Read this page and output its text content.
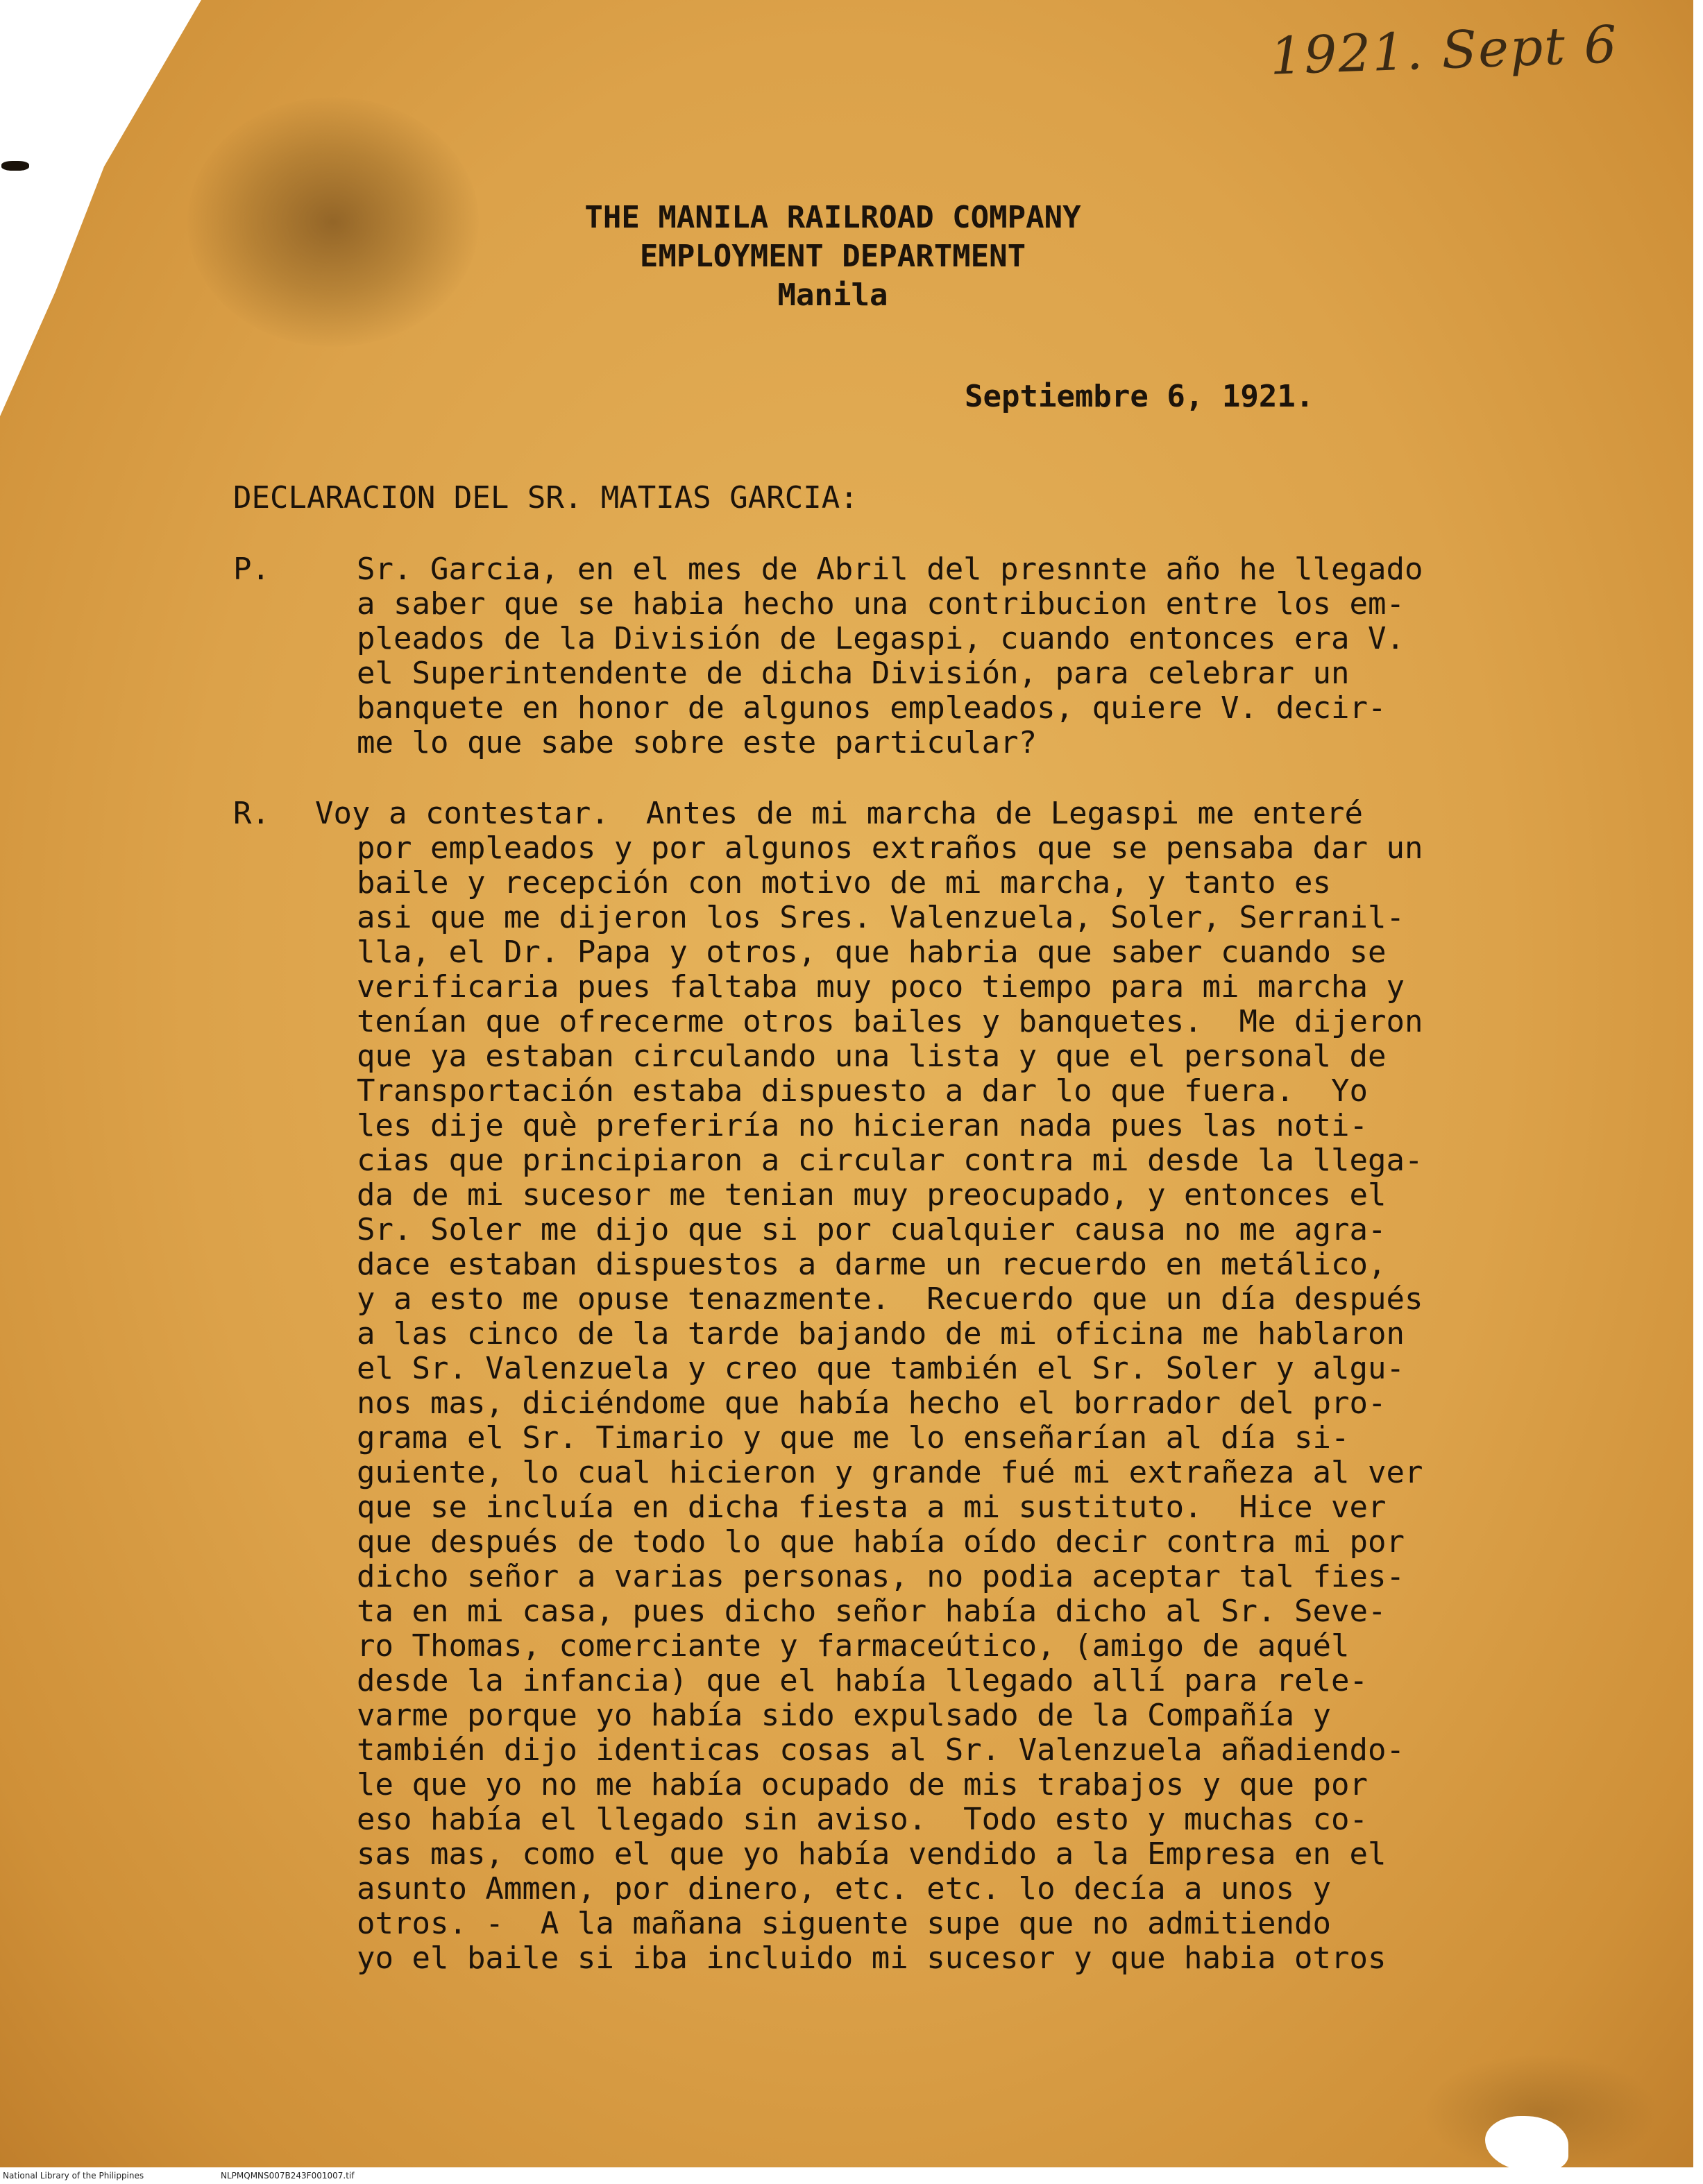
1921. Sept 6
THE MANILA RAILROAD COMPANY
EMPLOYMENT DEPARTMENT
Manila
Septiembre 6, 1921.
DECLARACION DEL SR. MATIAS GARCIA:
P.	Sr. Garcia, en el mes de Abril del presnnte año he llegado
a saber que se habia hecho una contribucion entre los em-
pleados de la División de Legaspi, cuando entonces era V.
el Superintendente de dicha División, para celebrar un
banquete en honor de algunos empleados, quiere V. decir-
me lo que sabe sobre este particular?
R. Voy a contestar.  Antes de mi marcha de Legaspi me enteré
por empleados y por algunos extraños que se pensaba dar un
baile y recepción con motivo de mi marcha, y tanto es
asi que me dijeron los Sres. Valenzuela, Soler, Serranil-
lla, el Dr. Papa y otros, que habria que saber cuando se
verificaria pues faltaba muy poco tiempo para mi marcha y
tenían que ofrecerme otros bailes y banquetes.  Me dijeron
que ya estaban circulando una lista y que el personal de
Transportación estaba dispuesto a dar lo que fuera.  Yo
les dije què preferiría no hicieran nada pues las noti-
cias que principiaron a circular contra mi desde la llega-
da de mi sucesor me tenian muy preocupado, y entonces el
Sr. Soler me dijo que si por cualquier causa no me agra-
dace estaban dispuestos a darme un recuerdo en metálico,
y a esto me opuse tenazmente.  Recuerdo que un día después
a las cinco de la tarde bajando de mi oficina me hablaron
el Sr. Valenzuela y creo que también el Sr. Soler y algu-
nos mas, diciéndome que había hecho el borrador del pro-
grama el Sr. Timario y que me lo enseñarían al día si-
guiente, lo cual hicieron y grande fué mi extrañeza al ver
que se incluía en dicha fiesta a mi sustituto.  Hice ver
que después de todo lo que había oído decir contra mi por
dicho señor a varias personas, no podia aceptar tal fies-
ta en mi casa, pues dicho señor había dicho al Sr. Seve-
ro Thomas, comerciante y farmaceútico, (amigo de aquél
desde la infancia) que el había llegado allí para rele-
varme porque yo había sido expulsado de la Compañía y
también dijo identicas cosas al Sr. Valenzuela añadiendo-
le que yo no me había ocupado de mis trabajos y que por
eso había el llegado sin aviso.  Todo esto y muchas co-
sas mas, como el que yo había vendido a la Empresa en el
asunto Ammen, por dinero, etc. etc. lo decía a unos y
otros. -  A la mañana siguente supe que no admitiendo
yo el baile si iba incluido mi sucesor y que habia otros
National Library of the Philippines	NLPMQMNS007B243F001007.tif
